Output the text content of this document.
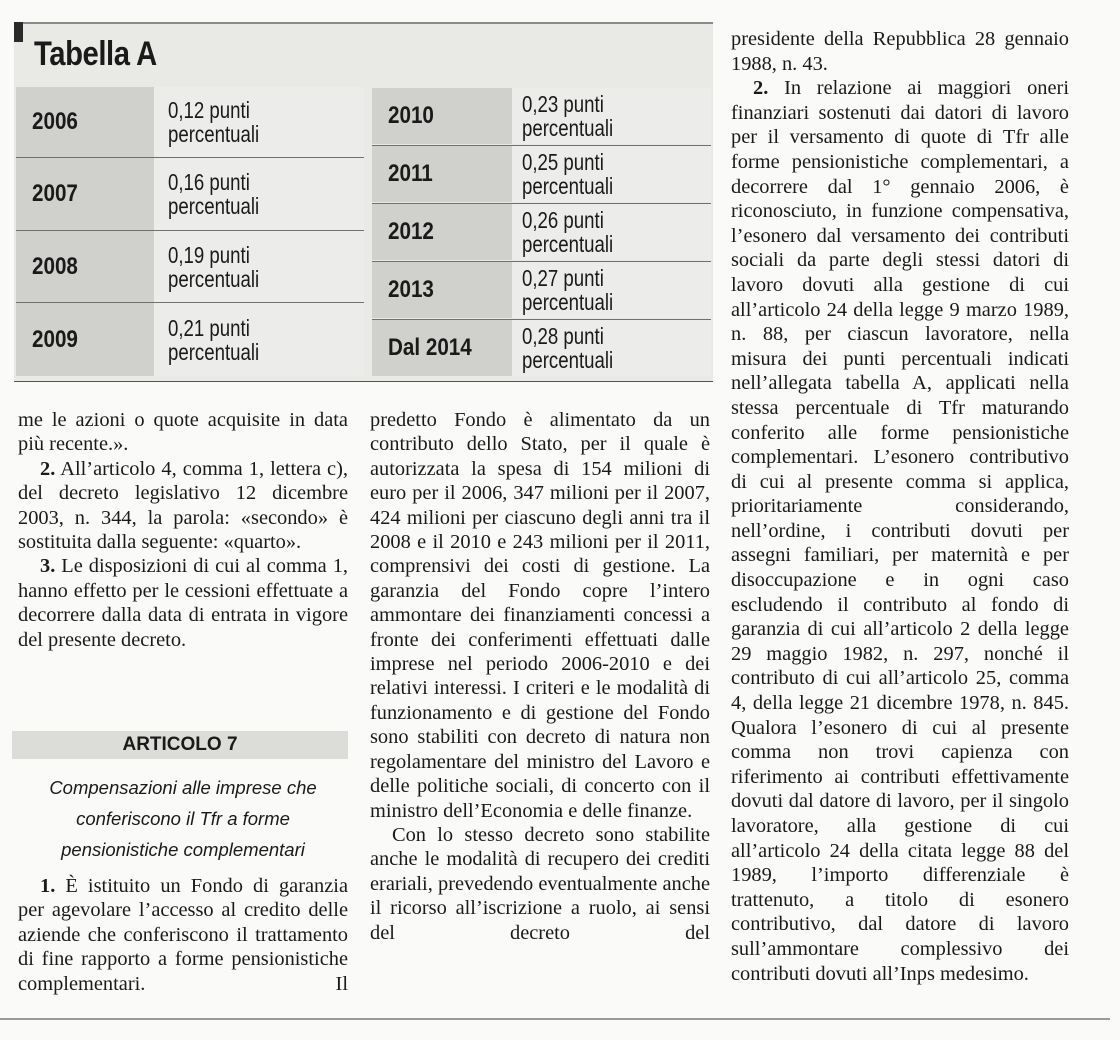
Tabella A
2006	0,12 punti
percentuali
2007	0,16 punti
percentuali
2008	0,19 punti
percentuali
2009	0,21 punti
percentuali
2010	0,23 punti
percentuali
2011	0,25 punti
percentuali
2012	0,26 punti
percentuali
2013	0,27 punti
percentuali
Dal 2014 0,28 punti
percentuali

me le azioni o quote acquisite in data più recente.».

2. All’articolo 4, comma 1, lettera c), del decreto legislativo 12 dicembre 2003, n. 344, la parola: «secondo» è sostituita dalla seguente: «quarto».

3. Le disposizioni di cui al comma 1, hanno effetto per le cessioni effettuate a decorrere dalla data di entrata in vigore del presente decreto.

ARTICOLO 7
Compensazioni alle imprese che conferiscono il Tfr a forme pensionistiche complementari

1. È istituito un Fondo di garanzia per agevolare l’accesso al credito delle aziende che conferiscono il trattamento di fine rapporto a forme pensionistiche complementari. Il

predetto Fondo è alimentato da un contributo dello Stato, per il quale è autorizzata la spesa di 154 milioni di euro per il 2006, 347 milioni per il 2007, 424 milioni per ciascuno degli anni tra il 2008 e il 2010 e 243 milioni per il 2011, comprensivi dei costi di gestione. La garanzia del Fondo copre l’intero ammontare dei finanziamenti concessi a fronte dei conferimenti effettuati dalle imprese nel periodo 2006-2010 e dei relativi interessi. I criteri e le modalità di funzionamento e di gestione del Fondo sono stabiliti con decreto di natura non regolamentare del ministro del Lavoro e delle politiche sociali, di concerto con il ministro dell’Economia e delle finanze.

Con lo stesso decreto sono stabilite anche le modalità di recupero dei crediti erariali, prevedendo eventualmente anche il ricorso all’iscrizione a ruolo, ai sensi del decreto del

presidente della Repubblica 28 gennaio 1988, n. 43.

2. In relazione ai maggiori oneri finanziari sostenuti dai datori di lavoro per il versamento di quote di Tfr alle forme pensionistiche complementari, a decorrere dal 1° gennaio 2006, è riconosciuto, in funzione compensativa, l’esonero dal versamento dei contributi sociali da parte degli stessi datori di lavoro dovuti alla gestione di cui all’articolo 24 della legge 9 marzo 1989, n. 88, per ciascun lavoratore, nella misura dei punti percentuali indicati nell’allegata tabella A, applicati nella stessa percentuale di Tfr maturando conferito alle forme pensionistiche complementari. L’esonero contributivo di cui al presente comma si applica, prioritariamente considerando, nell’ordine, i contributi dovuti per assegni familiari, per maternità e per disoccupazione e in ogni caso escludendo il contributo al fondo di garanzia di cui all’articolo 2 della legge 29 maggio 1982, n. 297, nonché il contributo di cui all’articolo 25, comma 4, della legge 21 dicembre 1978, n. 845. Qualora l’esonero di cui al presente comma non trovi capienza con riferimento ai contributi effettivamente dovuti dal datore di lavoro, per il singolo lavoratore, alla gestione di cui all’articolo 24 della citata legge 88 del 1989, l’importo differenziale è trattenuto, a titolo di esonero contributivo, dal datore di lavoro sull’ammontare complessivo dei contributi dovuti all’Inps medesimo.
